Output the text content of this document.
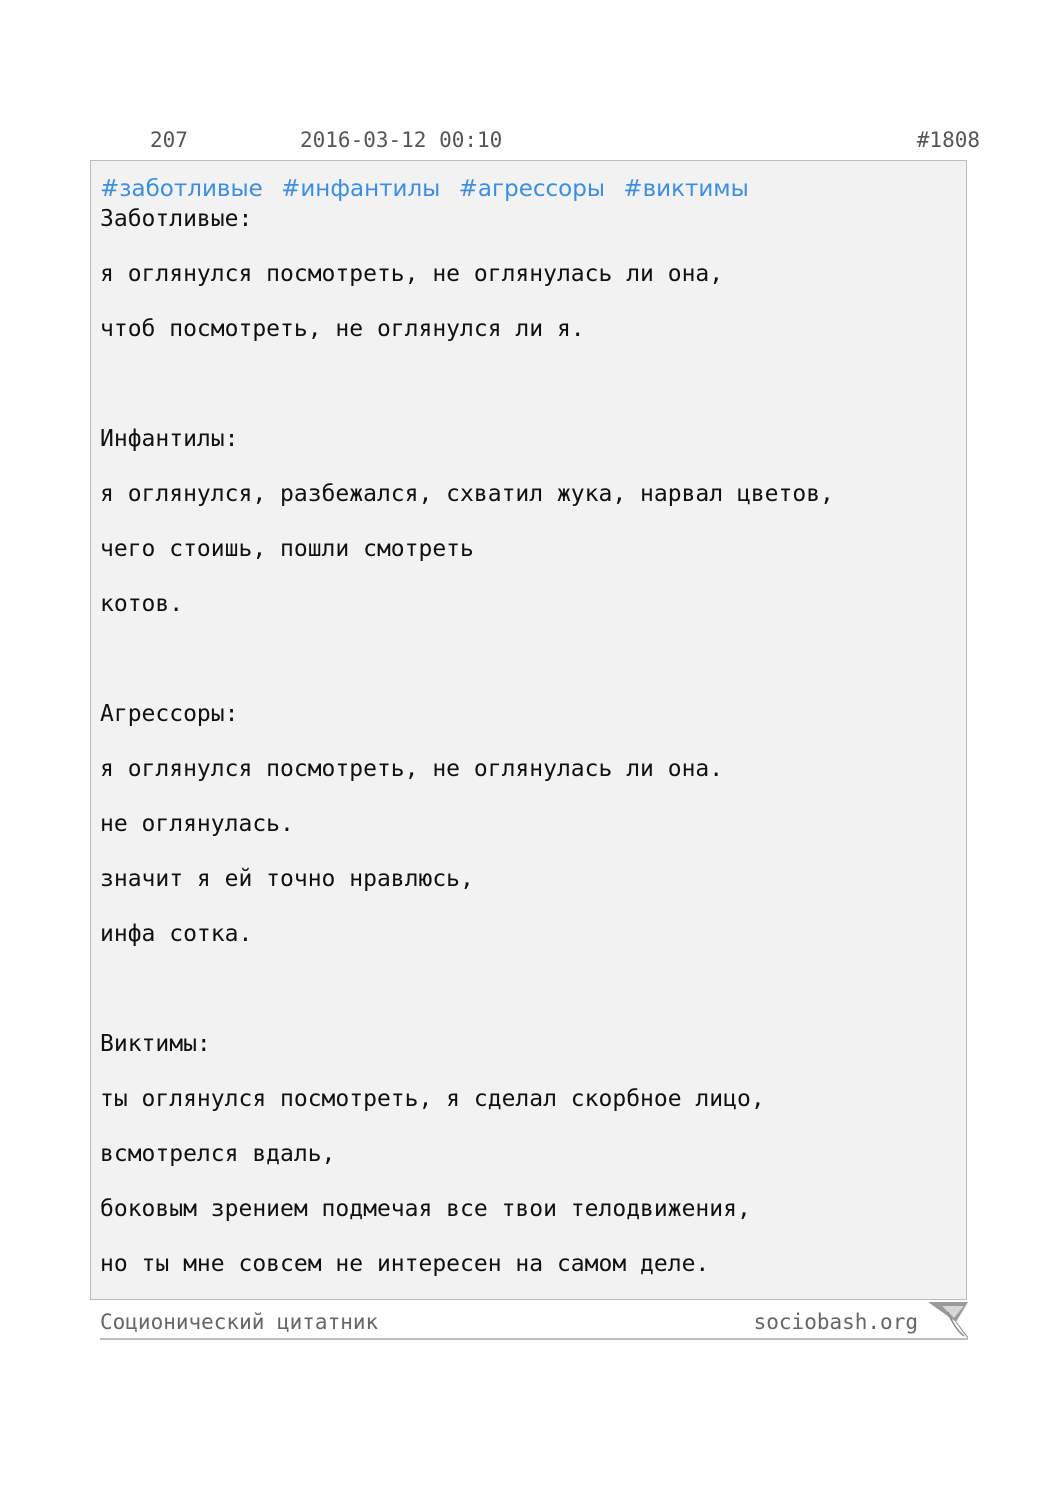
207	2016-03-12 00:10	#1808
#заботливые #инфантилы #агрессоры #виктимы
Заботливые:
я оглянулся посмотреть, не оглянулась ли она,
чтоб посмотреть, не оглянулся ли я.
Инфантилы:
я оглянулся, разбежался, схватил жука, нарвал цветов,
чего стоишь, пошли смотреть
котов.
Агрессоры:
я оглянулся посмотреть, не оглянулась ли она.
не оглянулась.
значит я ей точно нравлюсь,
инфа сотка.
Виктимы:
ты оглянулся посмотреть, я сделал скорбное лицо,
всмотрелся вдаль,
боковым зрением подмечая все твои телодвижения,
но ты мне совсем не интересен на самом деле.
Соционический цитатник	sociobash.org
